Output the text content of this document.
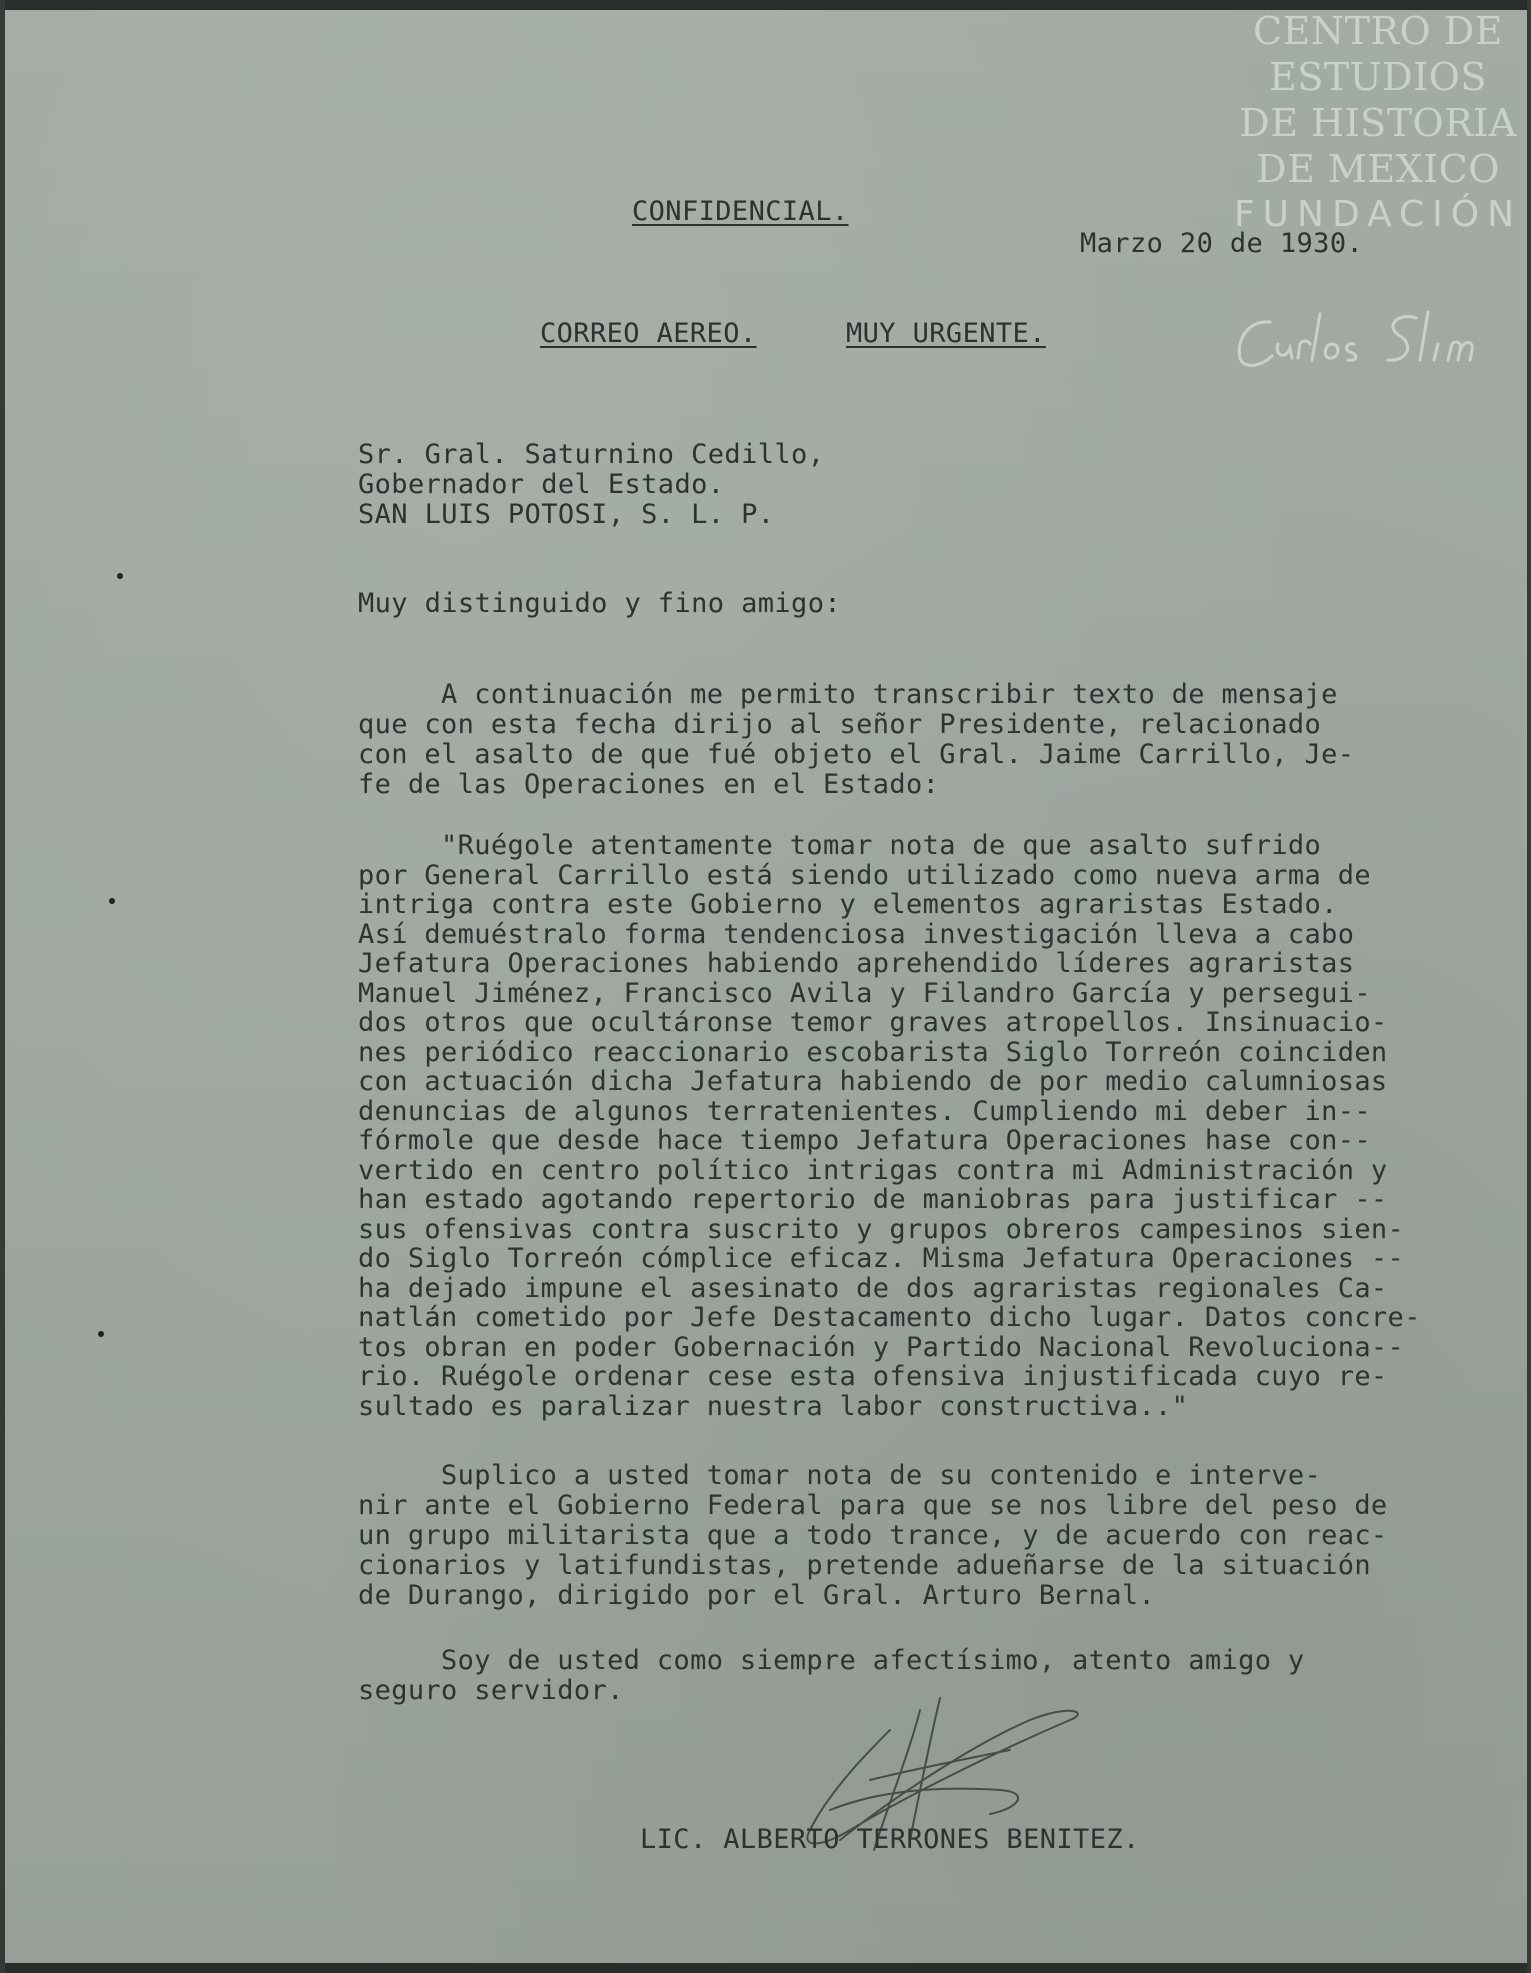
CENTRO DE
ESTUDIOS
DE HISTORIA
DE MEXICO
FUNDACIÓN
CONFIDENCIAL.
Marzo 20 de 1930.
CORREO AEREO.	MUY URGENTE.
Sr. Gral. Saturnino Cedillo,
Gobernador del Estado.
SAN LUIS POTOSI, S. L. P.
Muy distinguido y fino amigo:
A continuación me permito transcribir texto de mensaje
que con esta fecha dirijo al señor Presidente, relacionado
con el asalto de que fué objeto el Gral. Jaime Carrillo, Je-
fe de las Operaciones en el Estado:
"Ruégole atentamente tomar nota de que asalto sufrido
por General Carrillo está siendo utilizado como nueva arma de
intriga contra este Gobierno y elementos agraristas Estado.
Así demuéstralo forma tendenciosa investigación lleva a cabo
Jefatura Operaciones habiendo aprehendido líderes agraristas
Manuel Jiménez, Francisco Avila y Filandro García y persegui-
dos otros que ocultáronse temor graves atropellos. Insinuacio-
nes periódico reaccionario escobarista Siglo Torreón coinciden
con actuación dicha Jefatura habiendo de por medio calumniosas
denuncias de algunos terratenientes. Cumpliendo mi deber in--
fórmole que desde hace tiempo Jefatura Operaciones hase con--
vertido en centro político intrigas contra mi Administración y
han estado agotando repertorio de maniobras para justificar --
sus ofensivas contra suscrito y grupos obreros campesinos sien-
do Siglo Torreón cómplice eficaz. Misma Jefatura Operaciones --
ha dejado impune el asesinato de dos agraristas regionales Ca-
natlán cometido por Jefe Destacamento dicho lugar. Datos concre-
tos obran en poder Gobernación y Partido Nacional Revoluciona--
rio. Ruégole ordenar cese esta ofensiva injustificada cuyo re-
sultado es paralizar nuestra labor constructiva.."
Suplico a usted tomar nota de su contenido e interve-
nir ante el Gobierno Federal para que se nos libre del peso de
un grupo militarista que a todo trance, y de acuerdo con reac-
cionarios y latifundistas, pretende adueñarse de la situación
de Durango, dirigido por el Gral. Arturo Bernal.
Soy de usted como siempre afectísimo, atento amigo y
seguro servidor.
LIC. ALBERTO TERRONES BENITEZ.
